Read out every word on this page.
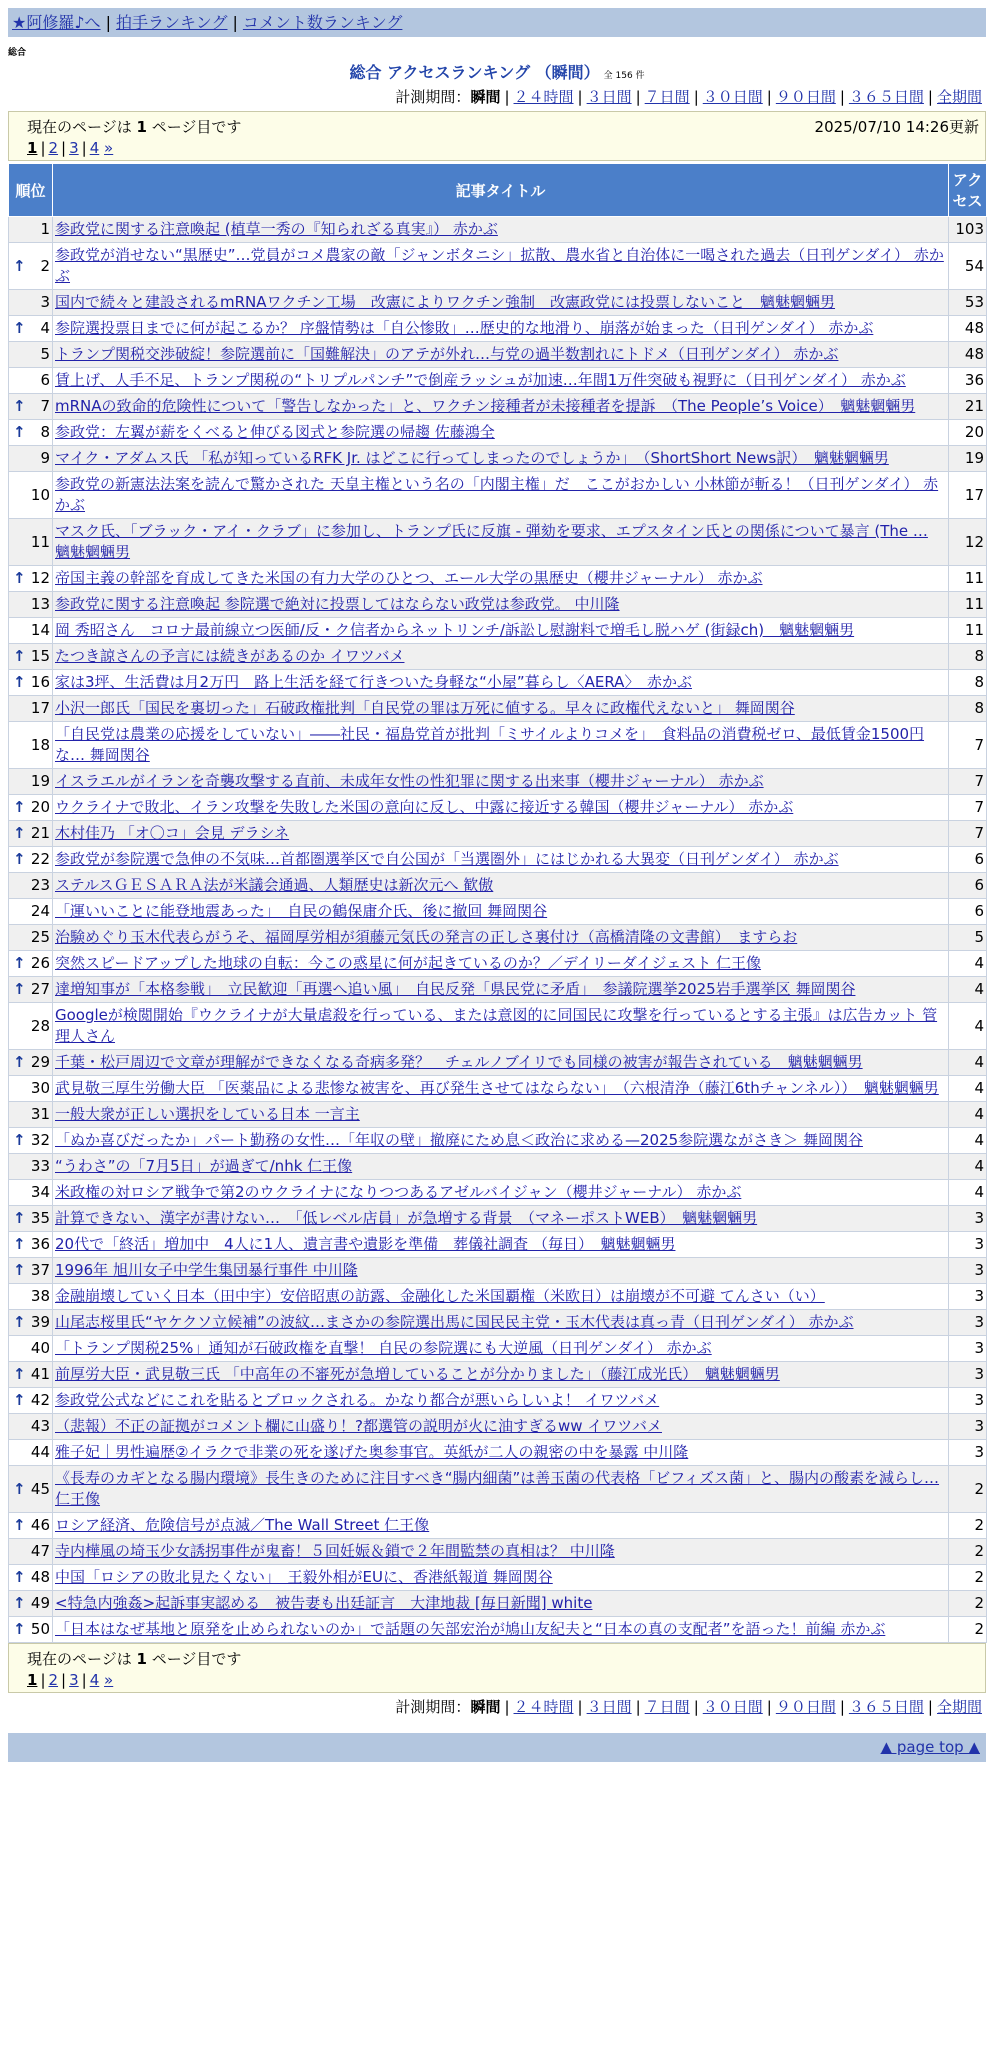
★阿修羅♪へ | 拍手ランキング | コメント数ランキング
総合
総合 アクセスランキング （瞬間） 全 156 件
計測期間：瞬間 | ２４時間 | ３日間 | ７日間 | ３０日間 | ９０日間 | ３６５日間 | 全期間
現在のページは 1 ページ目です	2025/07/10 14:26更新
1 | 2 | 3 | 4 »
順位	記事タイトル	アクセス
1	参政党に関する注意喚起 (植草一秀の『知られざる真実』） 赤かぶ	103

↑ 2	参政党が消せない“黒歴史”…党員がコメ農家の敵「ジャンボタニシ」拡散、農水省と自治体に一喝された過去（日刊ゲンダイ） 赤かぶ	54
3	国内で続々と建設されるmRNAワクチン工場　改憲によりワクチン強制　改憲政党には投票しないこと　魑魅魍魎男	53

↑ 4	参院選投票日までに何が起こるか？ 序盤情勢は「自公惨敗」…歴史的な地滑り、崩落が始まった（日刊ゲンダイ） 赤かぶ	48
5	トランプ関税交渉破綻！参院選前に「国難解決」のアテが外れ…与党の過半数割れにトドメ（日刊ゲンダイ） 赤かぶ	48
6	賃上げ、人手不足、トランプ関税の“トリプルパンチ”で倒産ラッシュが加速…年間1万件突破も視野に（日刊ゲンダイ） 赤かぶ	36

↑ 7	mRNAの致命的危険性について「警告しなかった」と、ワクチン接種者が未接種者を提訴　（The People’s Voice）　魑魅魍魎男	21

↑ 8	参政党：左翼が薪をくべると伸びる図式と参院選の帰趨 佐藤鴻全	20
9	マイク・アダムス氏 「私が知っているRFK Jr. はどこに行ってしまったのでしょうか」　（ShortShort News訳）　魑魅魍魎男	19
10	参政党の新憲法法案を読んで驚かされた 天皇主権という名の「内閣主権」だ　ここがおかしい 小林節が斬る！（日刊ゲンダイ） 赤かぶ	17
11	マスク氏、「ブラック・アイ・クラブ」に参加し、トランプ氏に反旗 - 弾劾を要求、エプスタイン氏との関係について暴言 (The … 魑魅魍魎男	12

↑ 12	帝国主義の幹部を育成してきた米国の有力大学のひとつ、エール大学の黒歴史（櫻井ジャーナル） 赤かぶ	11
13	参政党に関する注意喚起 参院選で絶対に投票してはならない政党は参政党。 中川隆	11
14	岡 秀昭さん　コロナ最前線立つ医師/反・ク信者からネットリンチ/訴訟し慰謝料で増毛し脱ハゲ (街録ch)　魑魅魍魎男	11

↑ 15	たつき諒さんの予言には続きがあるのか イワツバメ	8

↑ 16	家は3坪、生活費は月2万円　路上生活を経て行きついた身軽な“小屋”暮らし〈AERA〉　赤かぶ	8
17	小沢一郎氏「国民を裏切った」石破政権批判「自民党の罪は万死に値する。早々に政権代えないと」 舞岡関谷	8
18	「自民党は農業の応援をしていない」――社民・福島党首が批判「ミサイルよりコメを」　食料品の消費税ゼロ、最低賃金1500円な… 舞岡関谷	7
19	イスラエルがイランを奇襲攻撃する直前、未成年女性の性犯罪に関する出来事（櫻井ジャーナル） 赤かぶ	7

↑ 20	ウクライナで敗北、イラン攻撃を失敗した米国の意向に反し、中露に接近する韓国（櫻井ジャーナル） 赤かぶ	7

↑ 21	木村佳乃 「オ〇コ」会見 デラシネ	7

↑ 22	参政党が参院選で急伸の不気味…首都圏選挙区で自公国が「当選圏外」にはじかれる大異変（日刊ゲンダイ） 赤かぶ	6
23	ステルスＧＥＳＡＲＡ法が米議会通過、人類歴史は新次元へ 歓傲	6
24	「運いいことに能登地震あった」　自民の鶴保庸介氏、後に撤回 舞岡関谷	6
25	治験めぐり玉木代表らがうそ、福岡厚労相が須藤元気氏の発言の正しさ裏付け（高橋清隆の文書館）　ますらお	5

↑ 26	突然スピードアップした地球の自転：今この惑星に何が起きているのか？／デイリーダイジェスト 仁王像	4

↑ 27	達増知事が「本格参戦」　立民歓迎「再選へ追い風」　自民反発「県民党に矛盾」　参議院選挙2025岩手選挙区 舞岡関谷	4
28	Googleが検閲開始『ウクライナが大量虐殺を行っている、または意図的に同国民に攻撃を行っているとする主張』は広告カット 管理人さん	4

↑ 29	千葉・松戸周辺で文章が理解ができなくなる奇病多発？　チェルノブイリでも同様の被害が報告されている　魑魅魍魎男	4
30	武見敬三厚生労働大臣 「医薬品による悲惨な被害を、再び発生させてはならない」　（六根清浄（藤江6thチャンネル））　魑魅魍魎男	4
31	一般大衆が正しい選択をしている日本 一言主	4

↑ 32	「ぬか喜びだったか」パート勤務の女性…「年収の壁」撤廃にため息＜政治に求める—2025参院選ながさき＞ 舞岡関谷	4
33	“うわさ”の「7月5日」が過ぎて/nhk 仁王像	4
34	米政権の対ロシア戦争で第2のウクライナになりつつあるアゼルバイジャン（櫻井ジャーナル） 赤かぶ	4

↑ 35	計算できない、漢字が書けない…　「低レベル店員」が急増する背景　（マネーポストWEB）　魑魅魍魎男	3

↑ 36	20代で「終活」増加中　4人に1人、遺言書や遺影を準備　葬儀社調査 （毎日）　魑魅魍魎男	3

↑ 37	1996年 旭川女子中学生集団暴行事件 中川隆	3
38	金融崩壊していく日本（田中宇）安倍昭恵の訪露、金融化した米国覇権（米欧日）は崩壊が不可避 てんさい（い）	3

↑ 39	山尾志桜里氏“ヤケクソ立候補”の波紋…まさかの参院選出馬に国民民主党・玉木代表は真っ青（日刊ゲンダイ） 赤かぶ	3
40	「トランプ関税25%」通知が石破政権を直撃！ 自民の参院選にも大逆風（日刊ゲンダイ） 赤かぶ	3

↑ 41	前厚労大臣・武見敬三氏 「中高年の不審死が急増していることが分かりました」（藤江成光氏）　魑魅魍魎男	3

↑ 42	参政党公式などにこれを貼るとブロックされる。かなり都合が悪いらしいよ！ イワツバメ	3
43	（悲報）不正の証拠がコメント欄に山盛り！?都選管の説明が火に油すぎるww イワツバメ	3
44	雅子妃｜男性遍歴②イラクで非業の死を遂げた奥参事官。英紙が二人の親密の中を暴露 中川隆	3

↑ 45	《長寿のカギとなる腸内環境》長生きのために注目すべき“腸内細菌”は善玉菌の代表格「ビフィズス菌」と、腸内の酸素を減らし… 仁王像	2

↑ 46	ロシア経済、危険信号が点滅／The Wall Street 仁王像	2
47	寺内樺風の埼玉少女誘拐事件が鬼畜！５回妊娠＆鎖で２年間監禁の真相は？ 中川隆	2

↑ 48	中国「ロシアの敗北見たくない」　王毅外相がEUに、香港紙報道 舞岡関谷	2

↑ 49	<特急内強姦>起訴事実認める　被告妻も出廷証言　大津地裁 [毎日新聞] white	2

↑ 50	「日本はなぜ基地と原発を止められないのか」で話題の矢部宏治が鳩山友紀夫と“日本の真の支配者”を語った！前編 赤かぶ	2
現在のページは 1 ページ目です
1 | 2 | 3 | 4 »
計測期間：瞬間 | ２４時間 | ３日間 | ７日間 | ３０日間 | ９０日間 | ３６５日間 | 全期間
▲ page top ▲
